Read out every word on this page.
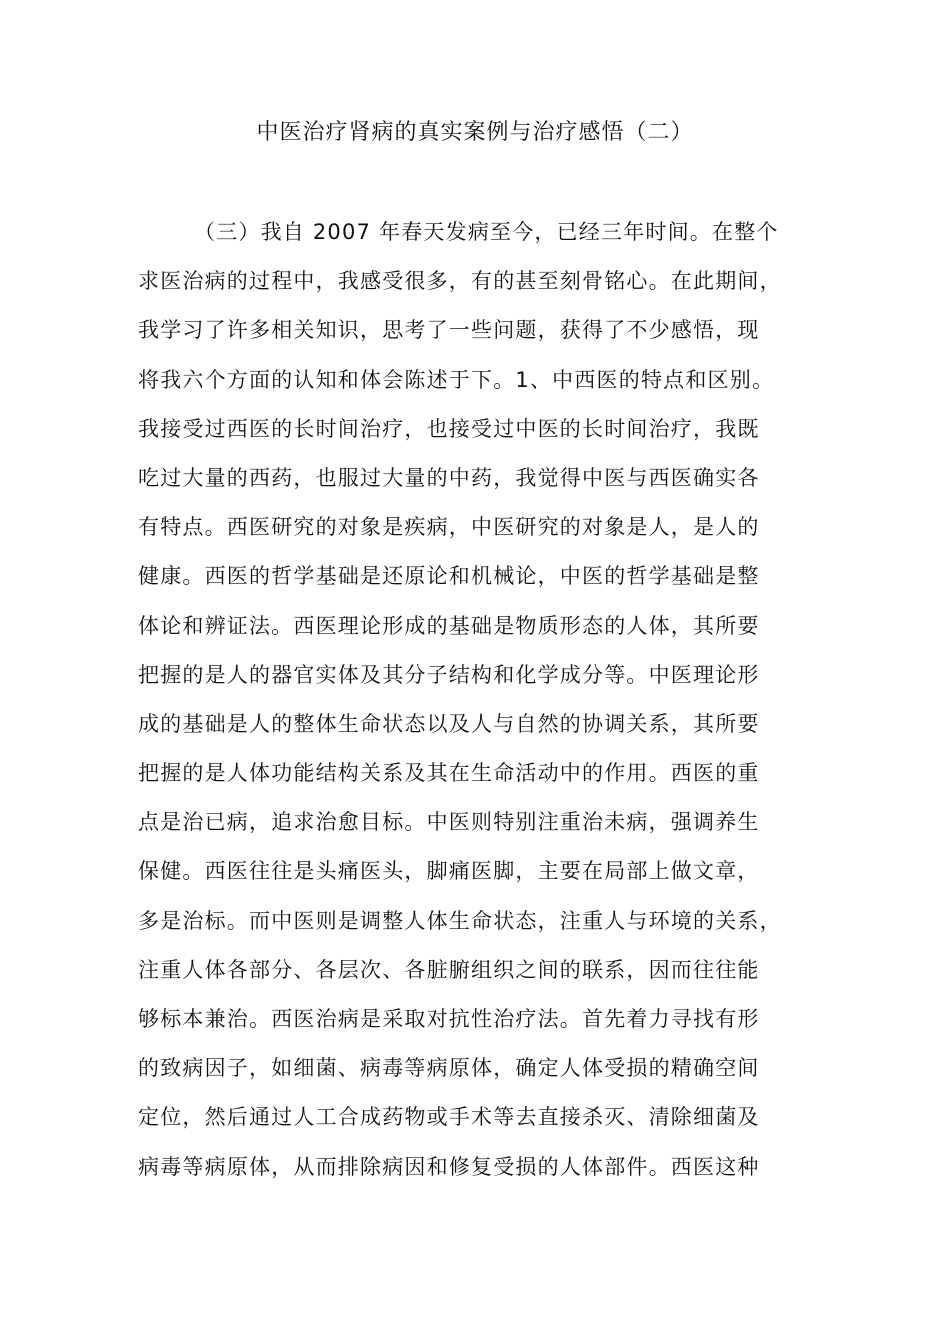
中医治疗肾病的真实案例与治疗感悟（二）
（三）我自 2007 年春天发病至今，已经三年时间。在整个
求医治病的过程中，我感受很多，有的甚至刻骨铭心。在此期间，
我学习了许多相关知识，思考了一些问题，获得了不少感悟，现
将我六个方面的认知和体会陈述于下。1、中西医的特点和区别。
我接受过西医的长时间治疗，也接受过中医的长时间治疗，我既
吃过大量的西药，也服过大量的中药，我觉得中医与西医确实各
有特点。西医研究的对象是疾病，中医研究的对象是人，是人的
健康。西医的哲学基础是还原论和机械论，中医的哲学基础是整
体论和辨证法。西医理论形成的基础是物质形态的人体，其所要
把握的是人的器官实体及其分子结构和化学成分等。中医理论形
成的基础是人的整体生命状态以及人与自然的协调关系，其所要
把握的是人体功能结构关系及其在生命活动中的作用。西医的重
点是治已病，追求治愈目标。中医则特别注重治未病，强调养生
保健。西医往往是头痛医头，脚痛医脚，主要在局部上做文章，
多是治标。而中医则是调整人体生命状态，注重人与环境的关系，
注重人体各部分、各层次、各脏腑组织之间的联系，因而往往能
够标本兼治。西医治病是采取对抗性治疗法。首先着力寻找有形
的致病因子，如细菌、病毒等病原体，确定人体受损的精确空间
定位，然后通过人工合成药物或手术等去直接杀灭、清除细菌及
病毒等病原体，从而排除病因和修复受损的人体部件。西医这种
